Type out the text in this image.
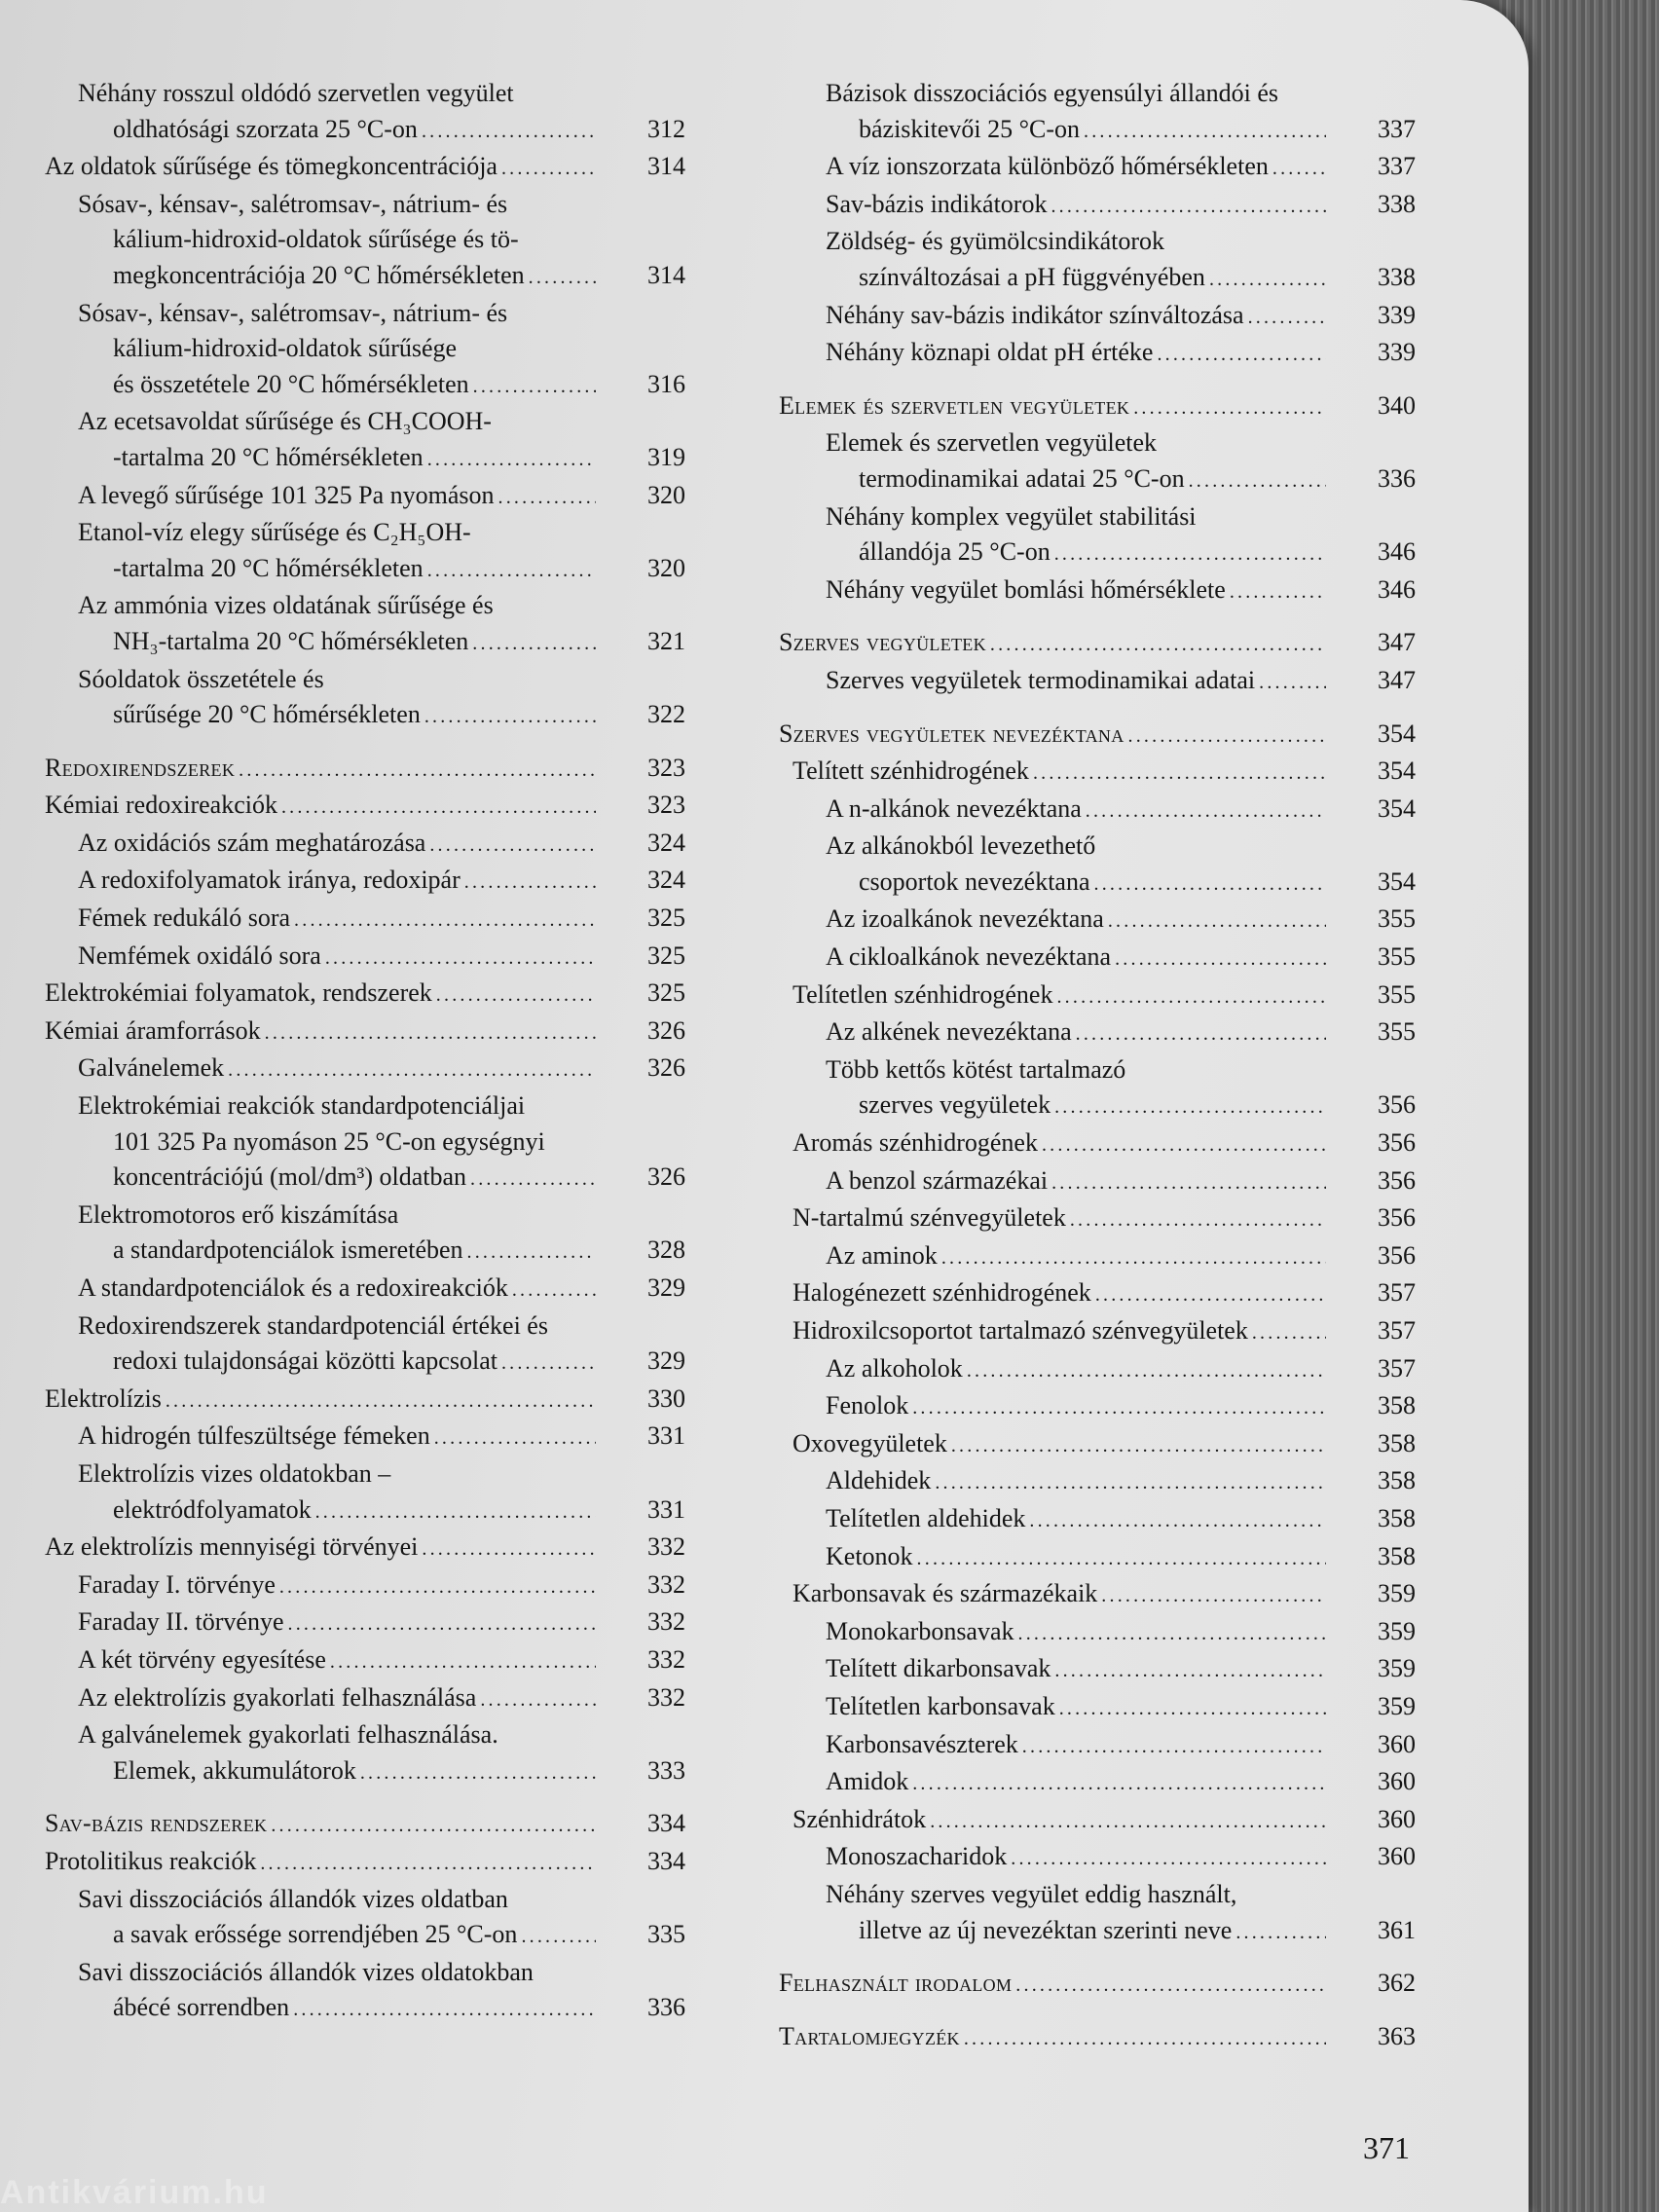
Néhány rosszul oldódó szervetlen vegyület
oldhatósági szorzata 25 °C-on . . .	312
Az oldatok sűrűsége és tömegkoncentrációja . . .	314
Sósav-, kénsav-, salétromsav-, nátrium- és
kálium-hidroxid-oldatok sűrűsége és tö-
megkoncentrációja 20 °C hőmérsékleten . . .	314
Sósav-, kénsav-, salétromsav-, nátrium- és
kálium-hidroxid-oldatok sűrűsége
és összetétele 20 °C hőmérsékleten . . .	316
Az ecetsavoldat sűrűsége és CH₃COOH-
-tartalma 20 °C hőmérsékleten . . .	319
A levegő sűrűsége 101 325 Pa nyomáson . . .	320
Etanol-víz elegy sűrűsége és C₂H₅OH-
-tartalma 20 °C hőmérsékleten . . .	320
Az ammónia vizes oldatának sűrűsége és
NH₃-tartalma 20 °C hőmérsékleten . . .	321
Sóoldatok összetétele és
sűrűsége 20 °C hőmérsékleten . . .	322
Redoxirendszerek . . .	323
Kémiai redoxireakciók . . .	323
Az oxidációs szám meghatározása . . .	324
A redoxifolyamatok iránya, redoxipár . . .	324
Fémek redukáló sora . . .	325
Nemfémek oxidáló sora . . .	325
Elektrokémiai folyamatok, rendszerek . . .	325
Kémiai áramforrások . . .	326
Galvánelemek . . .	326
Elektrokémiai reakciók standardpotenciáljai
101 325 Pa nyomáson 25 °C-on egységnyi
koncentrációjú (mol/dm³) oldatban . . .	326
Elektromotoros erő kiszámítása
a standardpotenciálok ismeretében . . .	328
A standardpotenciálok és a redoxireakciók . . .	329
Redoxirendszerek standardpotenciál értékei és
redoxi tulajdonságai közötti kapcsolat . . .	329
Elektrolízis . . .	330
A hidrogén túlfeszültsége fémeken . . .	331
Elektrolízis vizes oldatokban –
elektródfolyamatok . . .	331
Az elektrolízis mennyiségi törvényei . . .	332
Faraday I. törvénye . . .	332
Faraday II. törvénye . . .	332
A két törvény egyesítése . . .	332
Az elektrolízis gyakorlati felhasználása . . .	332
A galvánelemek gyakorlati felhasználása.
Elemek, akkumulátorok . . .	333
Sav-bázis rendszerek . . .	334
Protolitikus reakciók . . .	334
Savi disszociációs állandók vizes oldatban
a savak erőssége sorrendjében 25 °C-on . . .	335
Savi disszociációs állandók vizes oldatokban
ábécé sorrendben . . .	336
Bázisok disszociációs egyensúlyi állandói és
báziskitevői 25 °C-on . . .	337
A víz ionszorzata különböző hőmérsékleten . . .	337
Sav-bázis indikátorok . . .	338
Zöldség- és gyümölcsindikátorok
színváltozásai a pH függvényében . . .	338
Néhány sav-bázis indikátor színváltozása . . .	339
Néhány köznapi oldat pH értéke . . .	339
Elemek és szervetlen vegyületek . . .	340
Elemek és szervetlen vegyületek
termodinamikai adatai 25 °C-on . . .	336
Néhány komplex vegyület stabilitási
állandója 25 °C-on . . .	346
Néhány vegyület bomlási hőmérséklete . . .	346
Szerves vegyületek . . .	347
Szerves vegyületek termodinamikai adatai . . .	347
Szerves vegyületek nevezéktana . . .	354
Telített szénhidrogének . . .	354
A n-alkánok nevezéktana . . .	354
Az alkánokból levezethető
csoportok nevezéktana . . .	354
Az izoalkánok nevezéktana . . .	355
A cikloalkánok nevezéktana . . .	355
Telítetlen szénhidrogének . . .	355
Az alkének nevezéktana . . .	355
Több kettős kötést tartalmazó
szerves vegyületek . . .	356
Aromás szénhidrogének . . .	356
A benzol származékai . . .	356
N-tartalmú szénvegyületek . . .	356
Az aminok . . .	356
Halogénezett szénhidrogének . . .	357
Hidroxilcsoportot tartalmazó szénvegyületek . . .	357
Az alkoholok . . .	357
Fenolok . . .	358
Oxovegyületek . . .	358
Aldehidek . . .	358
Telítetlen aldehidek . . .	358
Ketonok . . .	358
Karbonsavak és származékaik . . .	359
Monokarbonsavak . . .	359
Telített dikarbonsavak . . .	359
Telítetlen karbonsavak . . .	359
Karbonsavészterek . . .	360
Amidok . . .	360
Szénhidrátok . . .	360
Monoszacharidok . . .	360
Néhány szerves vegyület eddig használt,
illetve az új nevezéktan szerinti neve . . .	361
Felhasznált irodalom . . .	362
Tartalomjegyzék . . .	363
371
Antikvárium.hu
